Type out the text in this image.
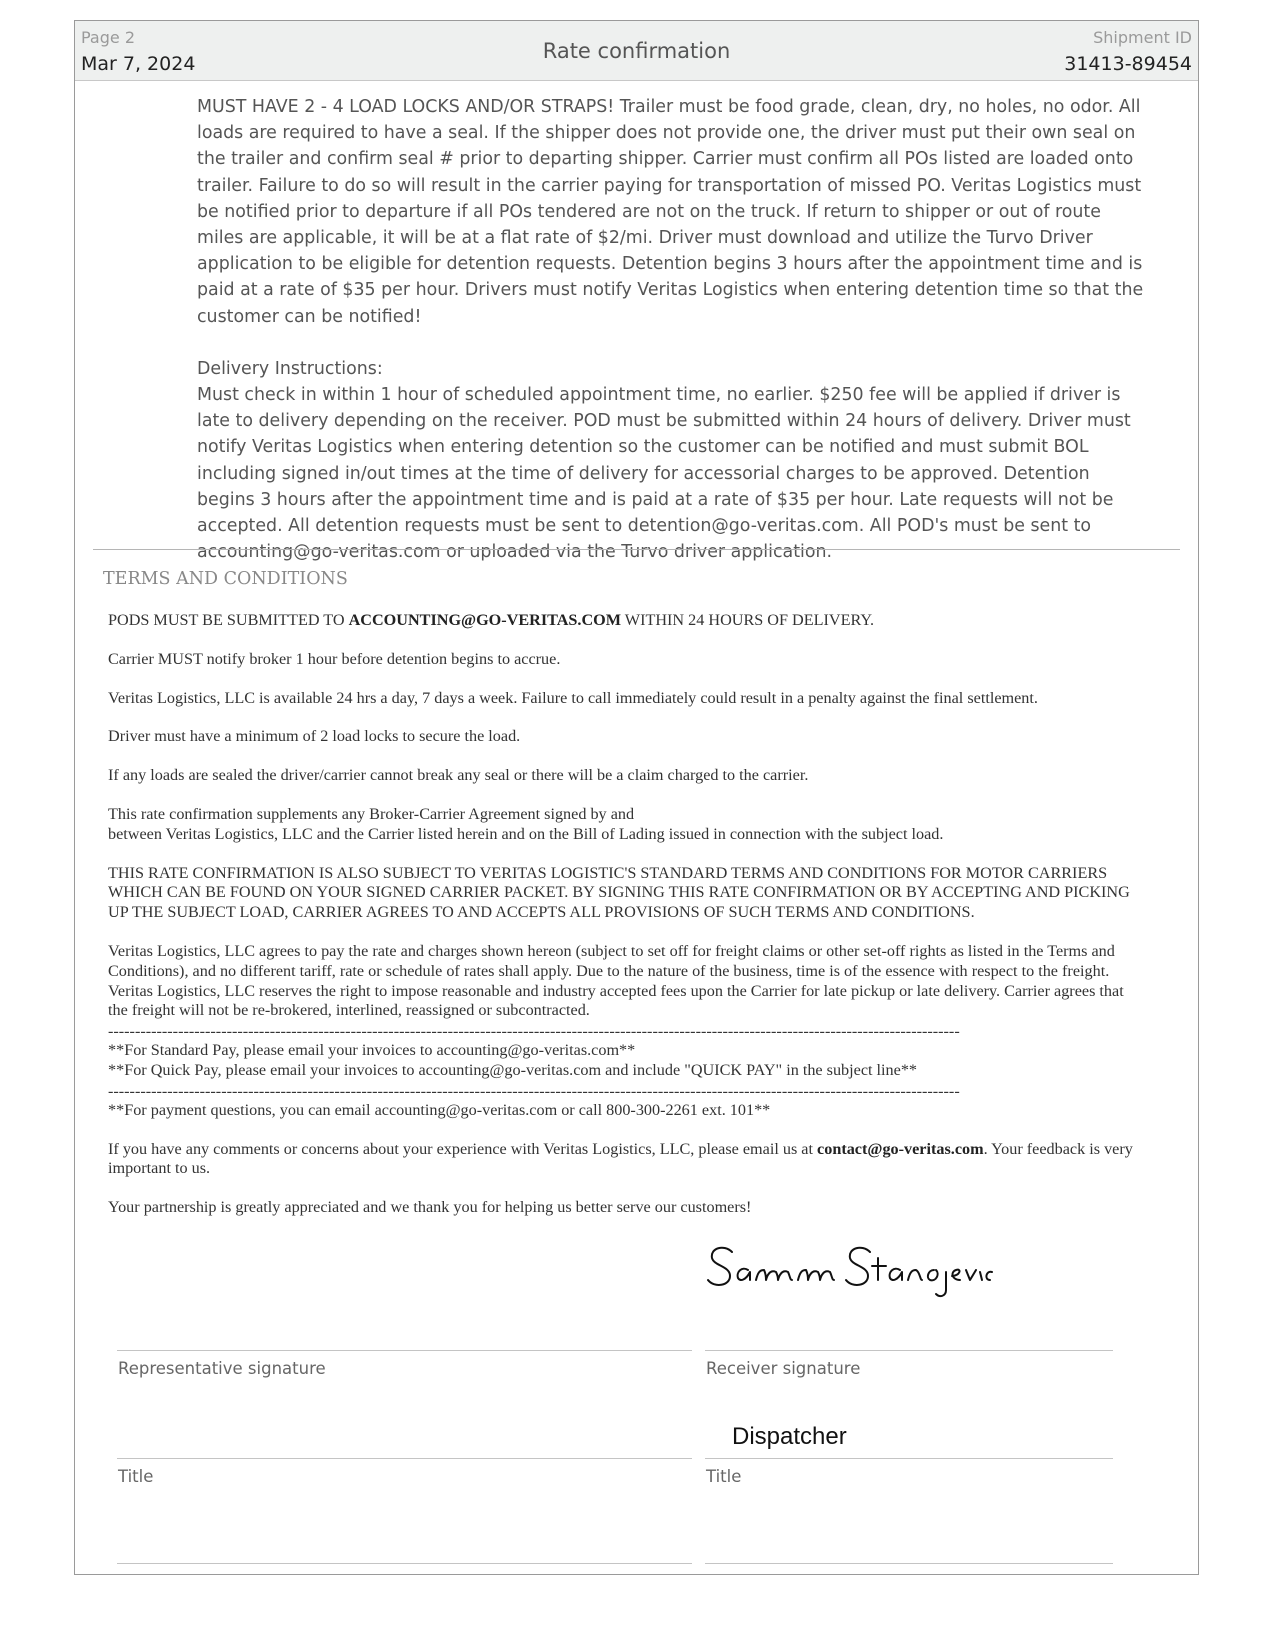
Page 2
Mar 7, 2024
Rate confirmation
Shipment ID
31413-89454

MUST HAVE 2 - 4 LOAD LOCKS AND/OR STRAPS! Trailer must be food grade, clean, dry, no holes, no odor. All loads are required to have a seal. If the shipper does not provide one, the driver must put their own seal on the trailer and confirm seal # prior to departing shipper. Carrier must confirm all POs listed are loaded onto trailer. Failure to do so will result in the carrier paying for transportation of missed PO. Veritas Logistics must be notified prior to departure if all POs tendered are not on the truck. If return to shipper or out of route miles are applicable, it will be at a flat rate of $2/mi. Driver must download and utilize the Turvo Driver application to be eligible for detention requests. Detention begins 3 hours after the appointment time and is paid at a rate of $35 per hour. Drivers must notify Veritas Logistics when entering detention time so that the customer can be notified!

Delivery Instructions:

Must check in within 1 hour of scheduled appointment time, no earlier. $250 fee will be applied if driver is late to delivery depending on the receiver. POD must be submitted within 24 hours of delivery. Driver must notify Veritas Logistics when entering detention so the customer can be notified and must submit BOL including signed in/out times at the time of delivery for accessorial charges to be approved. Detention begins 3 hours after the appointment time and is paid at a rate of $35 per hour. Late requests will not be accepted. All detention requests must be sent to detention@go-veritas.com. All POD's must be sent to accounting@go-veritas.com or uploaded via the Turvo driver application.

TERMS AND CONDITIONS

PODS MUST BE SUBMITTED TO ACCOUNTING@GO-VERITAS.COM WITHIN 24 HOURS OF DELIVERY.

Carrier MUST notify broker 1 hour before detention begins to accrue.

Veritas Logistics, LLC is available 24 hrs a day, 7 days a week. Failure to call immediately could result in a penalty against the final settlement.

Driver must have a minimum of 2 load locks to secure the load.

If any loads are sealed the driver/carrier cannot break any seal or there will be a claim charged to the carrier.

This rate confirmation supplements any Broker-Carrier Agreement signed by and
between Veritas Logistics, LLC and the Carrier listed herein and on the Bill of Lading issued in connection with the subject load.

THIS RATE CONFIRMATION IS ALSO SUBJECT TO VERITAS LOGISTIC'S STANDARD TERMS AND CONDITIONS FOR MOTOR CARRIERS WHICH CAN BE FOUND ON YOUR SIGNED CARRIER PACKET. BY SIGNING THIS RATE CONFIRMATION OR BY ACCEPTING AND PICKING UP THE SUBJECT LOAD, CARRIER AGREES TO AND ACCEPTS ALL PROVISIONS OF SUCH TERMS AND CONDITIONS.

Veritas Logistics, LLC agrees to pay the rate and charges shown hereon (subject to set off for freight claims or other set-off rights as listed in the Terms and Conditions), and no different tariff, rate or schedule of rates shall apply. Due to the nature of the business, time is of the essence with respect to the freight. Veritas Logistics, LLC reserves the right to impose reasonable and industry accepted fees upon the Carrier for late pickup or late delivery. Carrier agrees that the freight will not be re-brokered, interlined, reassigned or subcontracted.

--------------------------------------------------------------------------------------------------------------------------------------------------------------
**For Standard Pay, please email your invoices to accounting@go-veritas.com**
**For Quick Pay, please email your invoices to accounting@go-veritas.com and include "QUICK PAY" in the subject line**
--------------------------------------------------------------------------------------------------------------------------------------------------------------

**For payment questions, you can email accounting@go-veritas.com or call 800-300-2261 ext. 101**

If you have any comments or concerns about your experience with Veritas Logistics, LLC, please email us at contact@go-veritas.com. Your feedback is very important to us.

Your partnership is greatly appreciated and we thank you for helping us better serve our customers!

Representative signature	Receiver signature
Title
Dispatcher
Title
